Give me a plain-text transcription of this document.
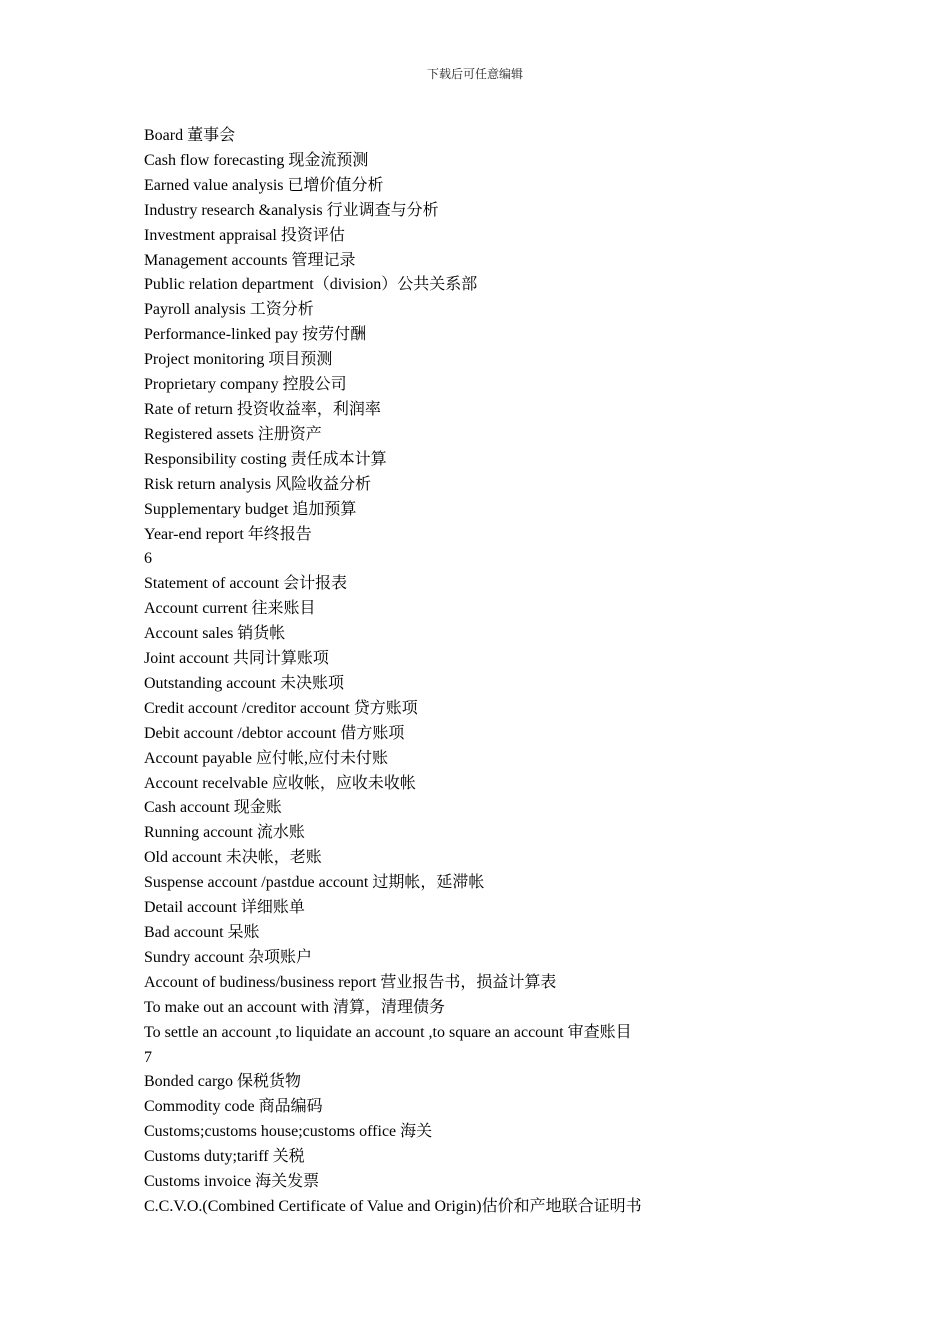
下载后可任意编辑
Board 董事会
Cash flow forecasting 现金流预测
Earned value analysis 已增价值分析
Industry research &analysis 行业调查与分析
Investment appraisal 投资评估
Management accounts 管理记录
Public relation department（division）公共关系部
Payroll analysis 工资分析
Performance-linked pay 按劳付酬
Project monitoring 项目预测
Proprietary company 控股公司
Rate of return 投资收益率，利润率
Registered assets 注册资产
Responsibility costing 责任成本计算
Risk return analysis 风险收益分析
Supplementary budget 追加预算
Year-end report 年终报告
6
Statement of account 会计报表
Account current 往来账目
Account sales 销货帐
Joint account 共同计算账项
Outstanding account 未决账项
Credit account /creditor account 贷方账项
Debit account /debtor account 借方账项
Account payable 应付帐,应付未付账
Account recelvable 应收帐，应收未收帐
Cash account 现金账
Running account 流水账
Old account 未决帐，老账
Suspense account /pastdue account 过期帐，延滞帐
Detail account 详细账单
Bad account 呆账
Sundry account 杂项账户
Account of budiness/business report 营业报告书，损益计算表
To make out an account with 清算，清理债务
To settle an account ,to liquidate an account ,to square an account 审查账目
7
Bonded cargo 保税货物
Commodity code 商品编码
Customs;customs house;customs office 海关
Customs duty;tariff 关税
Customs invoice 海关发票
C.C.V.O.(Combined Certificate of Value and Origin)估价和产地联合证明书
